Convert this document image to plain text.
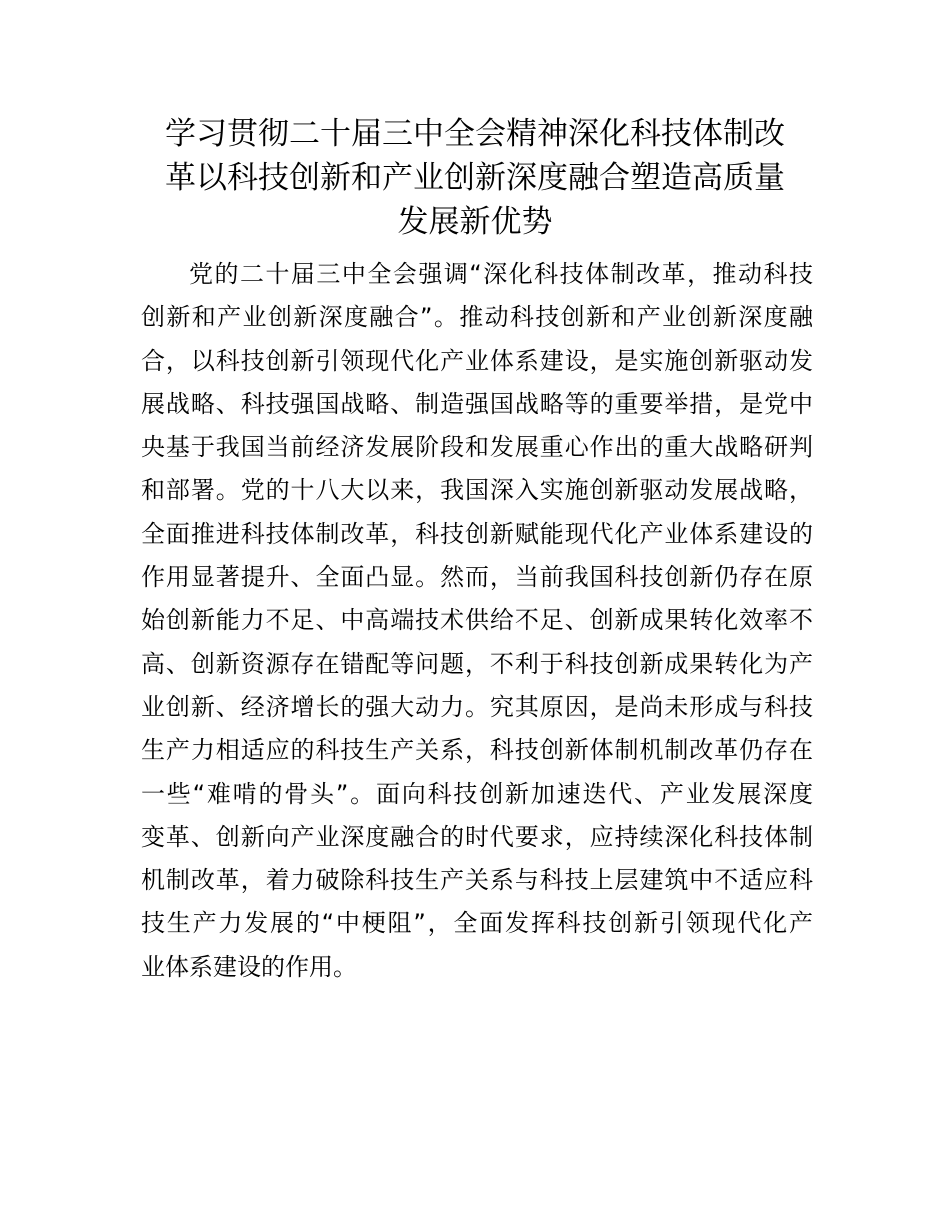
学习贯彻二十届三中全会精神深化科技体制改
革以科技创新和产业创新深度融合塑造高质量
发展新优势
党的二十届三中全会强调“深化科技体制改革，推动科技
创新和产业创新深度融合”。推动科技创新和产业创新深度融
合，以科技创新引领现代化产业体系建设，是实施创新驱动发
展战略、科技强国战略、制造强国战略等的重要举措，是党中
央基于我国当前经济发展阶段和发展重心作出的重大战略研判
和部署。党的十八大以来，我国深入实施创新驱动发展战略，
全面推进科技体制改革，科技创新赋能现代化产业体系建设的
作用显著提升、全面凸显。然而，当前我国科技创新仍存在原
始创新能力不足、中高端技术供给不足、创新成果转化效率不
高、创新资源存在错配等问题，不利于科技创新成果转化为产
业创新、经济增长的强大动力。究其原因，是尚未形成与科技
生产力相适应的科技生产关系，科技创新体制机制改革仍存在
一些“难啃的骨头”。面向科技创新加速迭代、产业发展深度
变革、创新向产业深度融合的时代要求，应持续深化科技体制
机制改革，着力破除科技生产关系与科技上层建筑中不适应科
技生产力发展的“中梗阻”，全面发挥科技创新引领现代化产
业体系建设的作用。
